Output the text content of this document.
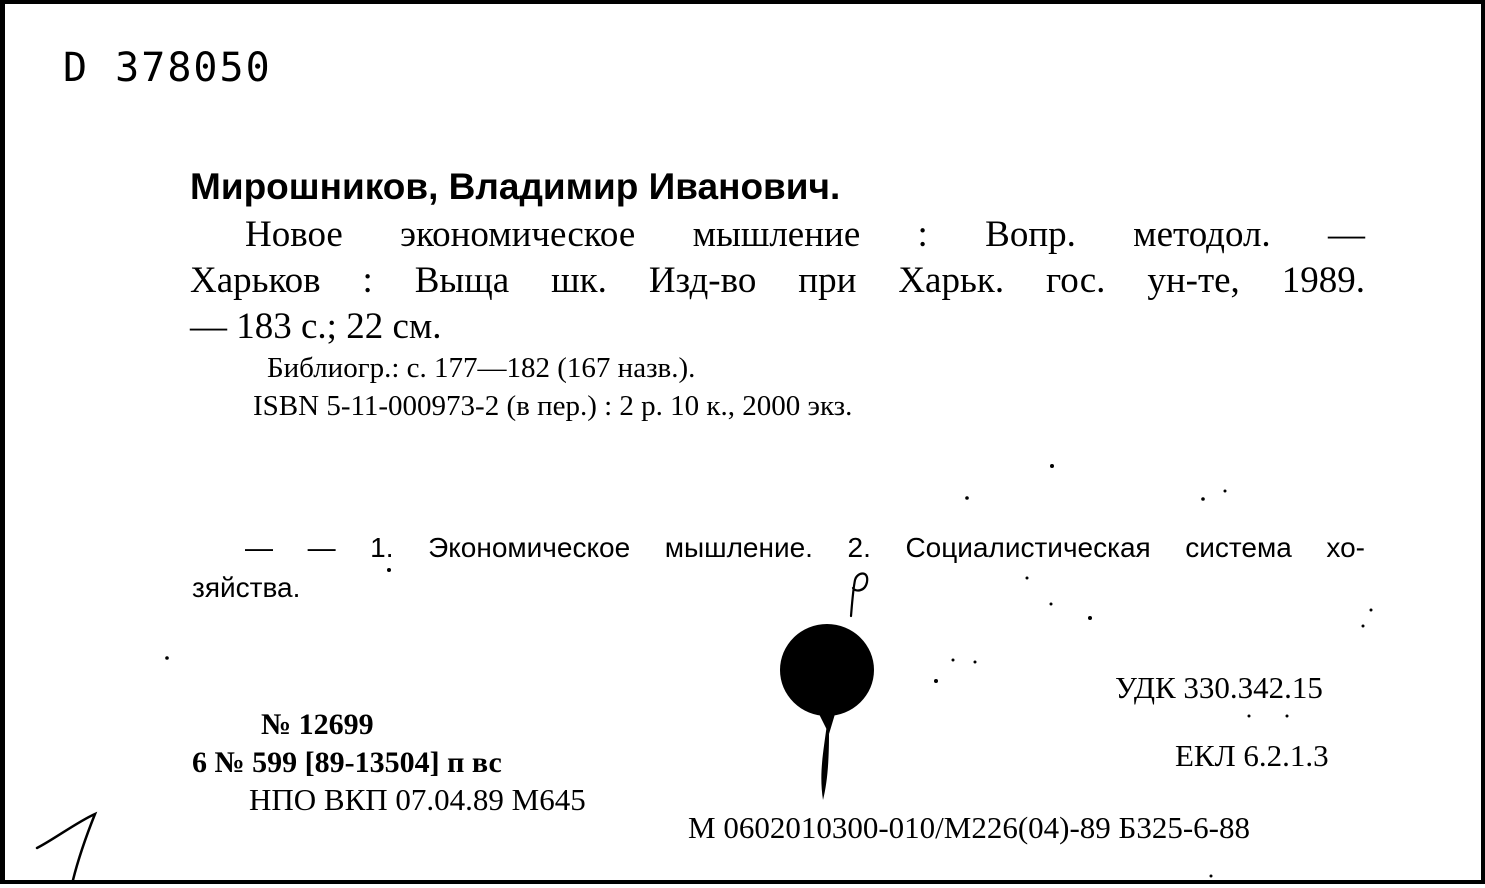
D 378050
Мирошников, Владимир Иванович.
Новое экономическое мышление : Вопр. методол. —
Харьков : Выща шк. Изд-во при Харьк. гос. ун-те, 1989.
— 183 с.; 22 см.
Библиогр.: с. 177—182 (167 назв.).
ISBN 5-11-000973-2 (в пер.) : 2 р. 10 к., 2000 экз.
— — 1. Экономическое мышление. 2. Социалистическая система хо-
зяйства.
№ 12699
6 № 599 [89-13504] п вс
НПО ВКП 07.04.89 М645
УДК 330.342.15
ЕКЛ 6.2.1.3
М 0602010300-010/М226(04)-89 Б325-6-88
